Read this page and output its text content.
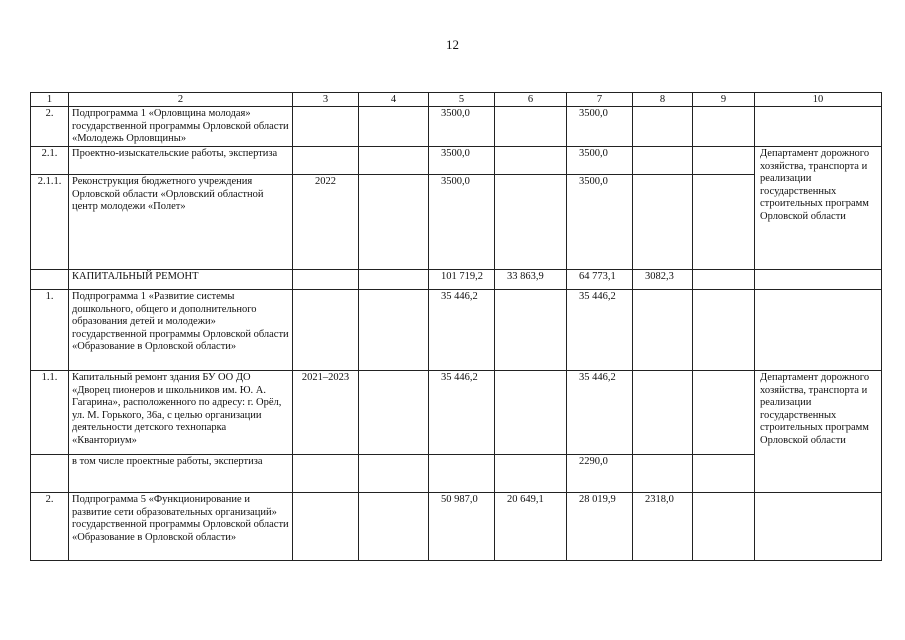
12
1	2	3	4	5	6	7	8	9	10
2.	Подпрограмма 1 «Орловщина молодая» государственной программы Орловской области «Молодежь Орловщины»			3500,0		3500,0			
2.1.	Проектно-изыскательские работы, экспертиза			3500,0		3500,0			Департамент дорожного хозяйства, транспорта и реализации государственных строительных программ Орловской области
2.1.1.	Реконструкция бюджетного учреждения Орловской области «Орловский областной центр молодежи «Полет»	2022		3500,0		3500,0			
	КАПИТАЛЬНЫЙ РЕМОНТ			101 719,2	33 863,9	64 773,1	3082,3		
1.	Подпрограмма 1 «Развитие системы дошкольного, общего и дополнительного образования детей и молодежи» государственной программы Орловской области «Образование в Орловской области»			35 446,2		35 446,2			
1.1.	Капитальный ремонт здания БУ ОО ДО «Дворец пионеров и школьников им. Ю. А. Гагарина», расположенного по адресу: г. Орёл, ул. М. Горького, 36а, с целью организации деятельности детского технопарка «Кванториум»	2021–2023		35 446,2		35 446,2			Департамент дорожного хозяйства, транспорта и реализации государственных строительных программ Орловской области
	в том числе проектные работы, экспертиза					2290,0			
2.	Подпрограмма 5 «Функционирование и развитие сети образовательных организаций» государственной программы Орловской области «Образование в Орловской области»			50 987,0	20 649,1	28 019,9	2318,0		
